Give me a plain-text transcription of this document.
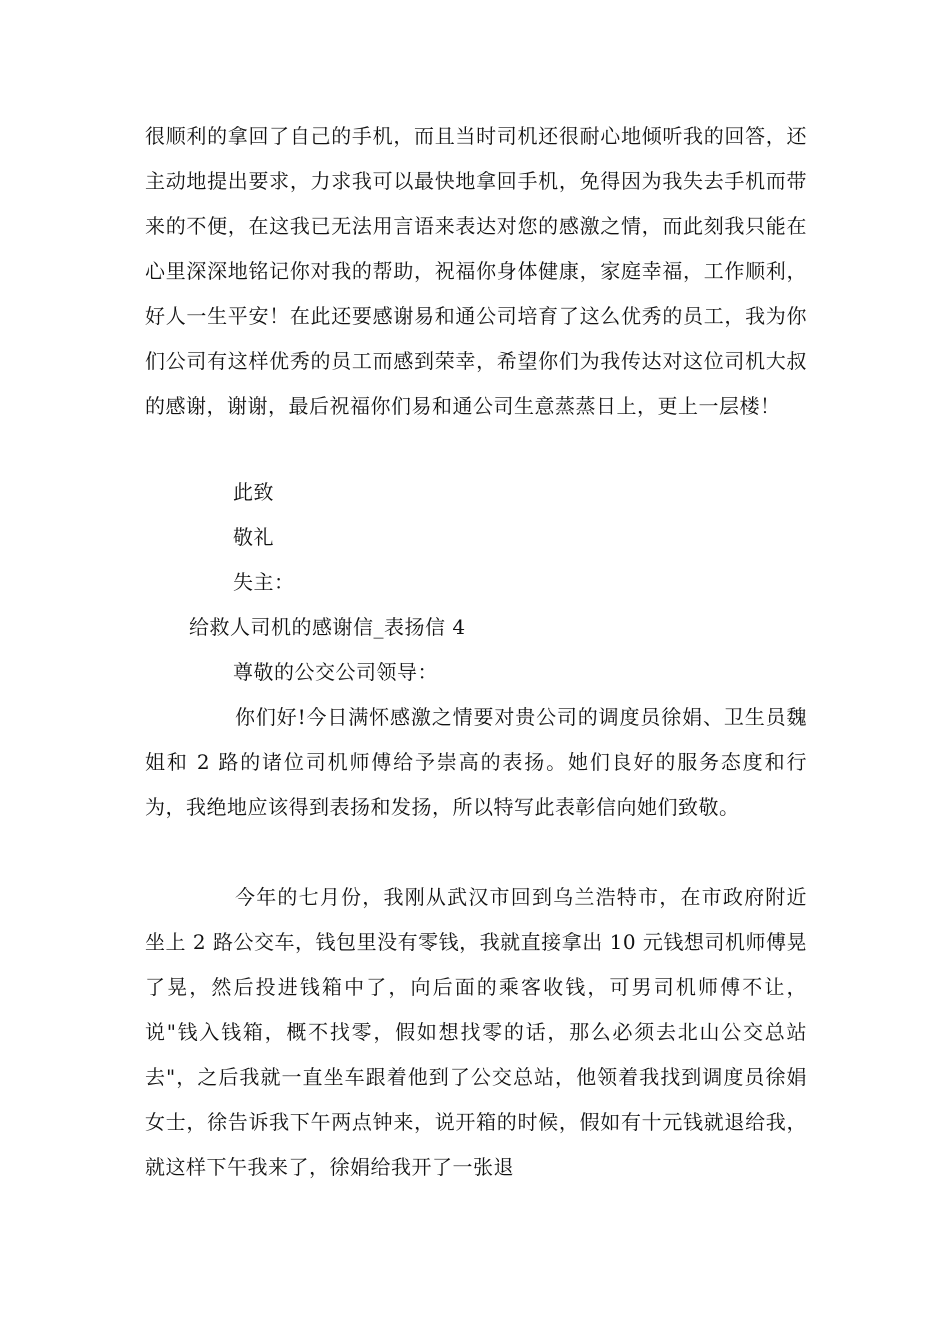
很顺利的拿回了自己的手机，而且当时司机还很耐心地倾听我的回答，还主动地提出要求，力求我可以最快地拿回手机，免得因为我失去手机而带来的不便，在这我已无法用言语来表达对您的感激之情，而此刻我只能在心里深深地铭记你对我的帮助，祝福你身体健康，家庭幸福，工作顺利，好人一生平安！在此还要感谢易和通公司培育了这么优秀的员工，我为你们公司有这样优秀的员工而感到荣幸，希望你们为我传达对这位司机大叔的感谢，谢谢，最后祝福你们易和通公司生意蒸蒸日上，更上一层楼！
此致
敬礼
失主：
给救人司机的感谢信_表扬信 4
尊敬的公交公司领导：
你们好!今日满怀感激之情要对贵公司的调度员徐娟、卫生员魏姐和 2 路的诸位司机师傅给予崇高的表扬。她们良好的服务态度和行为，我绝地应该得到表扬和发扬，所以特写此表彰信向她们致敬。
今年的七月份，我刚从武汉市回到乌兰浩特市，在市政府附近坐上 2 路公交车，钱包里没有零钱，我就直接拿出 10 元钱想司机师傅晃了晃，然后投进钱箱中了，向后面的乘客收钱，可男司机师傅不让，说"钱入钱箱，概不找零，假如想找零的话，那么必须去北山公交总站去"，之后我就一直坐车跟着他到了公交总站，他领着我找到调度员徐娟女士，徐告诉我下午两点钟来，说开箱的时候，假如有十元钱就退给我，就这样下午我来了，徐娟给我开了一张退
